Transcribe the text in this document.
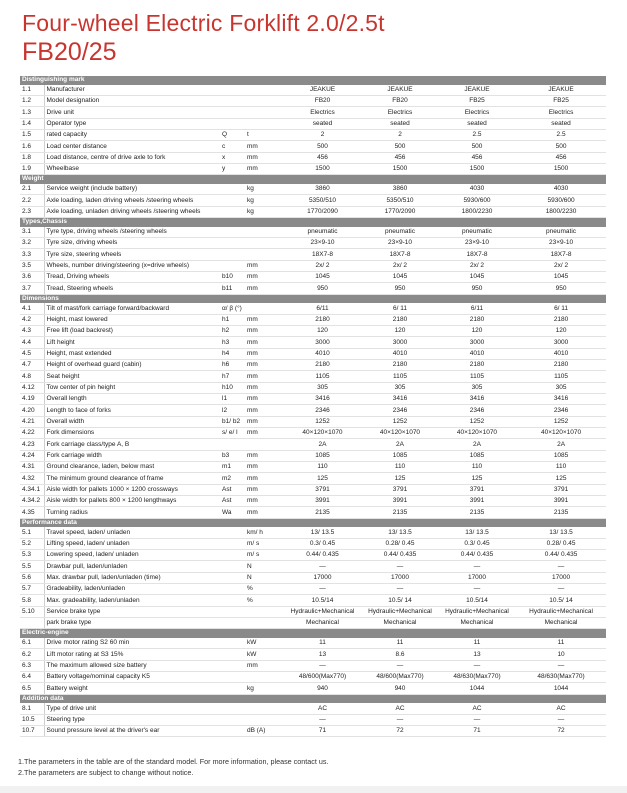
Four-wheel Electric Forklift 2.0/2.5t
FB20/25
Distinguishing mark							
1.1	Manufacturer			JEAKUE	JEAKUE	JEAKUE	JEAKUE
1.2	Model designation			FB20	FB20	FB25	FB25
1.3	Drive unit			Electrics	Electrics	Electrics	Electrics
1.4	Operator type			seated	seated	seated	seated
1.5	rated capacity	Q	t	2	2	2.5	2.5
1.6	Load center distance	c	mm	500	500	500	500
1.8	Load distance, centre of drive axle to fork	x	mm	456	456	456	456
1.9	Wheelbase	y	mm	1500	1500	1500	1500
Weight							
2.1	Service weight (include battery)		kg	3860	3860	4030	4030
2.2	Axle loading, laden driving wheels /steering wheels		kg	5350/510	5350/510	5930/600	5930/600
2.3	Axle loading, unladen driving wheels /steering wheels		kg	1770/2090	1770/2090	1800/2230	1800/2230
Types,Chassis							
3.1	Tyre type, driving wheels /steering wheels			pneumatic	pneumatic	pneumatic	pneumatic
3.2	Tyre size, driving wheels			23×9-10	23×9-10	23×9-10	23×9-10
3.3	Tyre size, steering wheels			18X7-8	18X7-8	18X7-8	18X7-8
3.5	Wheels, number driving/steering (x=drive wheels)		mm	2x/ 2	2x/ 2	2x/ 2	2x/ 2
3.6	Tread, Driving wheels	b10	mm	1045	1045	1045	1045
3.7	Tread, Steering wheels	b11	mm	950	950	950	950
Dimensions							
4.1	Tilt of mast/fork carriage forward/backward	α/ β (°)		6/11	6/ 11	6/11	6/ 11
4.2	Height, mast lowered	h1	mm	2180	2180	2180	2180
4.3	Free lift (load backrest)	h2	mm	120	120	120	120
4.4	Lift height	h3	mm	3000	3000	3000	3000
4.5	Height, mast extended	h4	mm	4010	4010	4010	4010
4.7	Height of overhead guard (cabin)	h6	mm	2180	2180	2180	2180
4.8	Seat height	h7	mm	1105	1105	1105	1105
4.12	Tow center of pin height	h10	mm	305	305	305	305
4.19	Overall length	l1	mm	3416	3416	3416	3416
4.20	Length to face of forks	l2	mm	2346	2346	2346	2346
4.21	Overall width	b1/ b2	mm	1252	1252	1252	1252
4.22	Fork dimensions	s/ e/ l	mm	40×120×1070	40×120×1070	40×120×1070	40×120×1070
4.23	Fork carriage class/type A, B			2A	2A	2A	2A
4.24	Fork carriage width	b3	mm	1085	1085	1085	1085
4.31	Ground clearance, laden, below mast	m1	mm	110	110	110	110
4.32	The minimum ground clearance of frame	m2	mm	125	125	125	125
4.34.1	Aisle width for pallets 1000 × 1200 crossways	Ast	mm	3791	3791	3791	3791
4.34.2	Aisle width for pallets 800 × 1200 lengthways	Ast	mm	3991	3991	3991	3991
4.35	Turning radius	Wa	mm	2135	2135	2135	2135
Performance data							
5.1	Travel speed, laden/ unladen		km/ h	13/ 13.5	13/ 13.5	13/ 13.5	13/ 13.5
5.2	Lifting speed, laden/ unladen		m/ s	0.3/ 0.45	0.28/ 0.45	0.3/ 0.45	0.28/ 0.45
5.3	Lowering speed, laden/ unladen		m/ s	0.44/ 0.435	0.44/ 0.435	0.44/ 0.435	0.44/ 0.435
5.5	Drawbar pull, laden/unladen		N	—	—	—	—
5.6	Max. drawbar pull, laden/unladen (time)		N	17000	17000	17000	17000
5.7	Gradeability, laden/unladen		%	—	—	—	—
5.8	Max. gradeability, laden/unladen		%	10.5/14	10.5/ 14	10.5/14	10.5/ 14
5.10	Service brake type			Hydraulic+Mechanical	Hydraulic+Mechanical	Hydraulic+Mechanical	Hydraulic+Mechanical
	park brake type			Mechanical	Mechanical	Mechanical	Mechanical
Electric-engine							
6.1	Drive motor rating S2 60 min		kW	11	11	11	11
6.2	Lift motor rating at S3 15%		kW	13	8.6	13	10
6.3	The maximum allowed size battery		mm	—	—	—	—
6.4	Battery voltage/nominal capacity K5			48/600(Max770)	48/600(Max770)	48/630(Max770)	48/630(Max770)
6.5	Battery weight		kg	940	940	1044	1044
Addition data							
8.1	Type of drive unit			AC	AC	AC	AC
10.5	Steering type			—	—	—	—
10.7	Sound pressure level at the driver's ear		dB (A)	71	72	71	72
1.The parameters in the table are of the standard model. For more information, please contact us.
2.The parameters are subject to change without notice.
